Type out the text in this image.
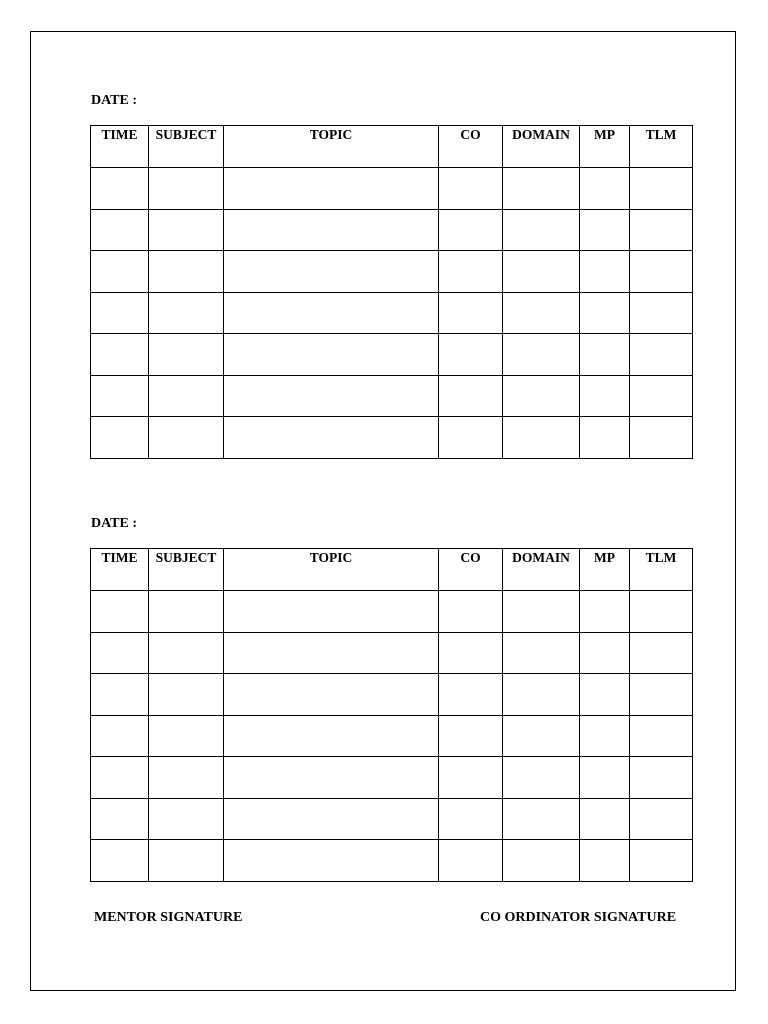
DATE :
TIME	SUBJECT	TOPIC	CO	DOMAIN	MP	TLM

DATE :
TIME	SUBJECT	TOPIC	CO	DOMAIN	MP	TLM

MENTOR SIGNATURE	CO ORDINATOR SIGNATURE
